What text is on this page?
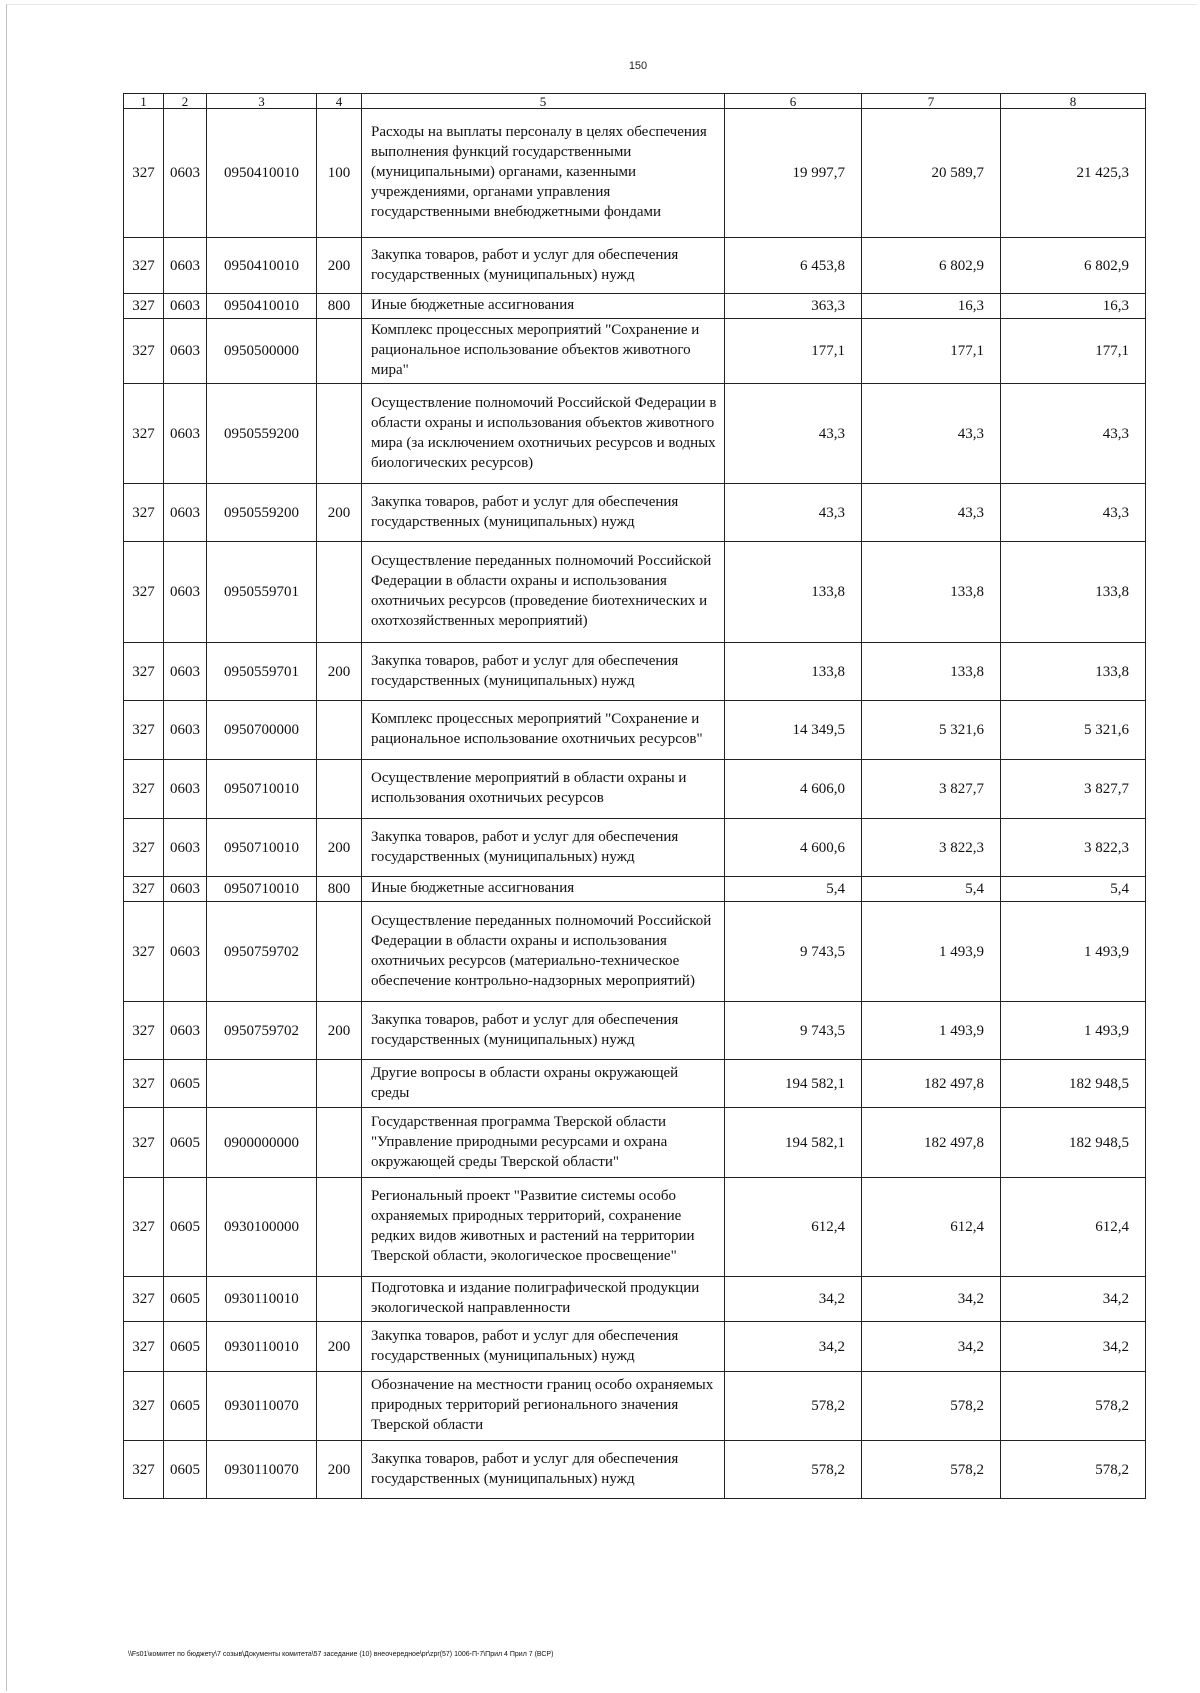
150
1	2	3	4	5	6	7	8
327	0603	0950410010	100	Расходы на выплаты персоналу в целях обеспечения выполнения функций государственными (муниципальными) органами, казенными учреждениями, органами управления государственными внебюджетными фондами	19 997,7	20 589,7	21 425,3
327	0603	0950410010	200	Закупка товаров, работ и услуг для обеспечения государственных (муниципальных) нужд	6 453,8	6 802,9	6 802,9
327	0603	0950410010	800	Иные бюджетные ассигнования	363,3	16,3	16,3
327	0603	0950500000		Комплекс процессных мероприятий "Сохранение и рациональное использование объектов животного мира"	177,1	177,1	177,1
327	0603	0950559200		Осуществление полномочий Российской Федерации в области охраны и использования объектов животного мира (за исключением охотничьих ресурсов и водных биологических ресурсов)	43,3	43,3	43,3
327	0603	0950559200	200	Закупка товаров, работ и услуг для обеспечения государственных (муниципальных) нужд	43,3	43,3	43,3
327	0603	0950559701		Осуществление переданных полномочий Российской Федерации в области охраны и использования охотничьих ресурсов (проведение биотехнических и охотхозяйственных мероприятий)	133,8	133,8	133,8
327	0603	0950559701	200	Закупка товаров, работ и услуг для обеспечения государственных (муниципальных) нужд	133,8	133,8	133,8
327	0603	0950700000		Комплекс процессных мероприятий "Сохранение и рациональное использование охотничьих ресурсов"	14 349,5	5 321,6	5 321,6
327	0603	0950710010		Осуществление мероприятий в области охраны и использования охотничьих ресурсов	4 606,0	3 827,7	3 827,7
327	0603	0950710010	200	Закупка товаров, работ и услуг для обеспечения государственных (муниципальных) нужд	4 600,6	3 822,3	3 822,3
327	0603	0950710010	800	Иные бюджетные ассигнования	5,4	5,4	5,4
327	0603	0950759702		Осуществление переданных полномочий Российской Федерации в области охраны и использования охотничьих ресурсов (материально-техническое обеспечение контрольно-надзорных мероприятий)	9 743,5	1 493,9	1 493,9
327	0603	0950759702	200	Закупка товаров, работ и услуг для обеспечения государственных (муниципальных) нужд	9 743,5	1 493,9	1 493,9
327	0605			Другие вопросы в области охраны окружающей среды	194 582,1	182 497,8	182 948,5
327	0605	0900000000		Государственная программа Тверской области "Управление природными ресурсами и охрана окружающей среды Тверской области"	194 582,1	182 497,8	182 948,5
327	0605	0930100000		Региональный проект "Развитие системы особо охраняемых природных территорий, сохранение редких видов животных и растений на территории Тверской области, экологическое просвещение"	612,4	612,4	612,4
327	0605	0930110010		Подготовка и издание полиграфической продукции экологической направленности	34,2	34,2	34,2
327	0605	0930110010	200	Закупка товаров, работ и услуг для обеспечения государственных (муниципальных) нужд	34,2	34,2	34,2
327	0605	0930110070		Обозначение на местности границ особо охраняемых природных территорий регионального значения Тверской области	578,2	578,2	578,2
327	0605	0930110070	200	Закупка товаров, работ и услуг для обеспечения государственных (муниципальных) нужд	578,2	578,2	578,2
\\Fs01\комитет по бюджету\7 созыв\Документы комитета\57 заседание (10) внеочередное\pr\zpr(57) 1006-П-7\Прил 4 Прил 7 (ВСР)
